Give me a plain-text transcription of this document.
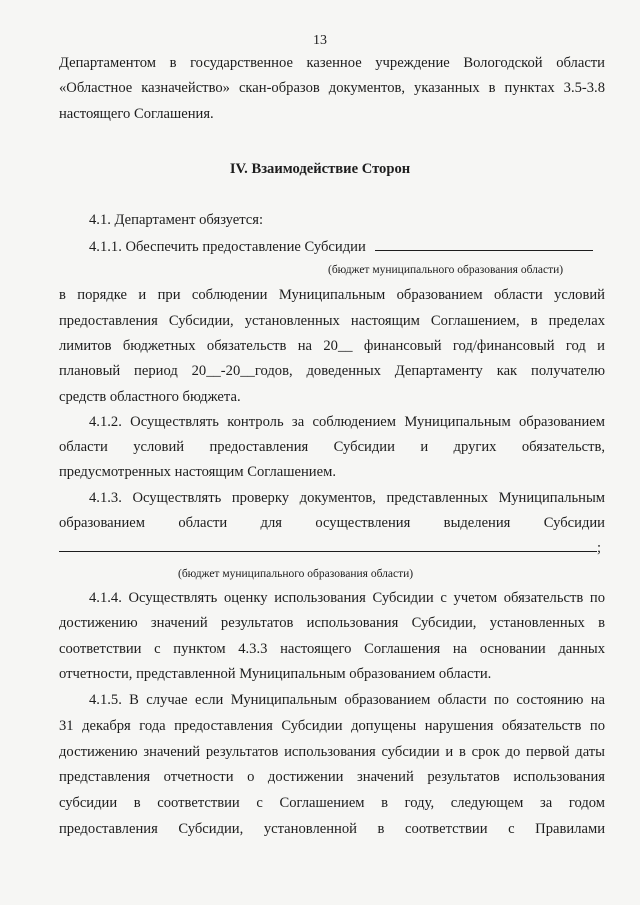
13
Департаментом в государственное казенное учреждение Вологодской области
«Областное казначейство» скан-образов документов, указанных в пунктах 3.5-3.8
настоящего Соглашения.
IV. Взаимодействие Сторон
4.1. Департамент обязуется:
4.1.1. Обеспечить предоставление Субсидии
(бюджет муниципального образования области)
в порядке и при соблюдении Муниципальным образованием области условий
предоставления Субсидии, установленных настоящим Соглашением, в пределах
лимитов бюджетных обязательств на 20__ финансовый год/финансовый год и
плановый период 20__-20__годов, доведенных Департаменту как получателю
средств областного бюджета.
4.1.2. Осуществлять контроль за соблюдением Муниципальным образованием
области условий предоставления Субсидии и других обязательств,
предусмотренных настоящим Соглашением.
4.1.3. Осуществлять проверку документов, представленных Муниципальным
образованием области для осуществления выделения Субсидии
;
(бюджет муниципального образования области)
4.1.4. Осуществлять оценку использования Субсидии с учетом обязательств по
достижению значений результатов использования Субсидии, установленных в
соответствии с пунктом 4.3.3 настоящего Соглашения на основании данных
отчетности, представленной Муниципальным образованием области.
4.1.5. В случае если Муниципальным образованием области по состоянию на
31 декабря года предоставления Субсидии допущены нарушения обязательств по
достижению значений результатов использования субсидии и в срок до первой даты
представления отчетности о достижении значений результатов использования
субсидии в соответствии с Соглашением в году, следующем за годом
предоставления Субсидии, установленной в соответствии с Правилами
